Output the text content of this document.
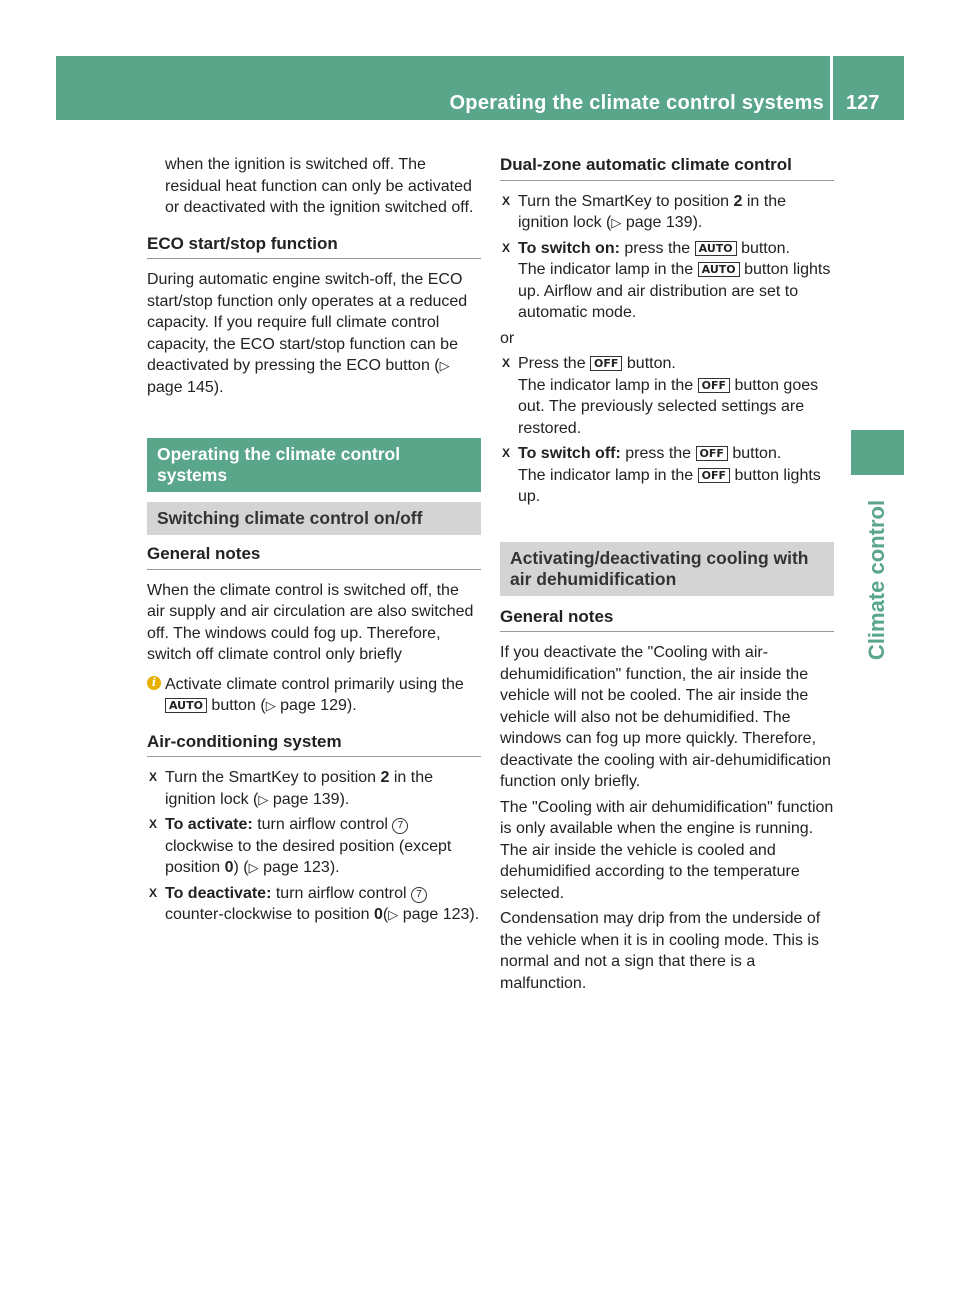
Operating the climate control systems 127
Climate control

when the ignition is switched off. The residual heat function can only be activated or deactivated with the ignition switched off.

ECO start/stop function

During automatic engine switch-off, the ECO start/stop function only operates at a reduced capacity. If you require full climate control capacity, the ECO start/stop function can be deactivated by pressing the ECO button (▷ page 145).

Operating the climate control systems
Switching climate control on/off
General notes

When the climate control is switched off, the air supply and air circulation are also switched off. The windows could fog up. Therefore, switch off climate control only briefly

i Activate climate control primarily using the AUTO button (▷ page 129).

Air-conditioning system

X Turn the SmartKey to position 2 in the ignition lock (▷ page 139).

X To activate: turn airflow control 7 clockwise to the desired position (except position 0) (▷ page 123).

X To deactivate: turn airflow control 7 counter-clockwise to position 0(▷ page 123).

Dual-zone automatic climate control

X Turn the SmartKey to position 2 in the ignition lock (▷ page 139).

X To switch on: press the AUTO button.
The indicator lamp in the AUTO button lights up. Airflow and air distribution are set to automatic mode.

or

X Press the OFF button.
The indicator lamp in the OFF button goes out. The previously selected settings are restored.

X To switch off: press the OFF button.
The indicator lamp in the OFF button lights up.

Activating/deactivating cooling with air dehumidification
General notes

If you deactivate the "Cooling with air-dehumidification" function, the air inside the vehicle will not be cooled. The air inside the vehicle will also not be dehumidified. The windows can fog up more quickly. Therefore, deactivate the cooling with air-dehumidification function only briefly.

The "Cooling with air dehumidification" function is only available when the engine is running. The air inside the vehicle is cooled and dehumidified according to the temperature selected.

Condensation may drip from the underside of the vehicle when it is in cooling mode. This is normal and not a sign that there is a malfunction.
